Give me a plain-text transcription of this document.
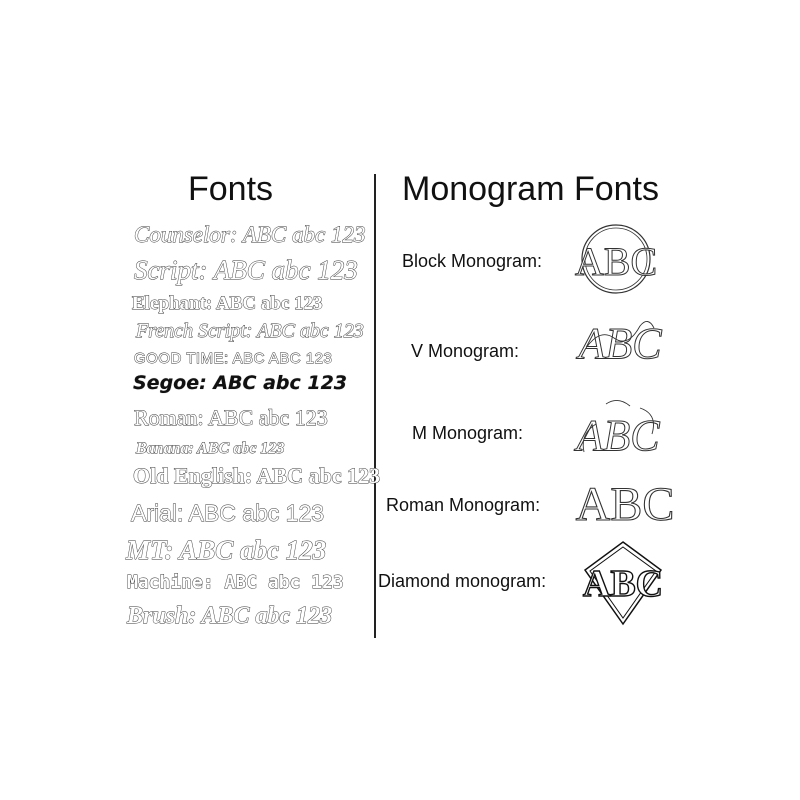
Fonts	Monogram Fonts
Counselor: ABC abc 123
Script: ABC abc 123
Elephant: ABC abc 123
French Script: ABC abc 123
GOOD TIME: ABC ABC 123
Segoe: ABC abc 123
Roman: ABC abc 123
Banana: ABC abc 123
Old English: ABC abc 123
Arial: ABC abc 123
MT: ABC abc 123
Machine: ABC abc 123
Brush: ABC abc 123
Block Monogram:
V Monogram:
M Monogram:
Roman Monogram:
Diamond monogram:
ABC
ABC
ABC
ABC
ABC
